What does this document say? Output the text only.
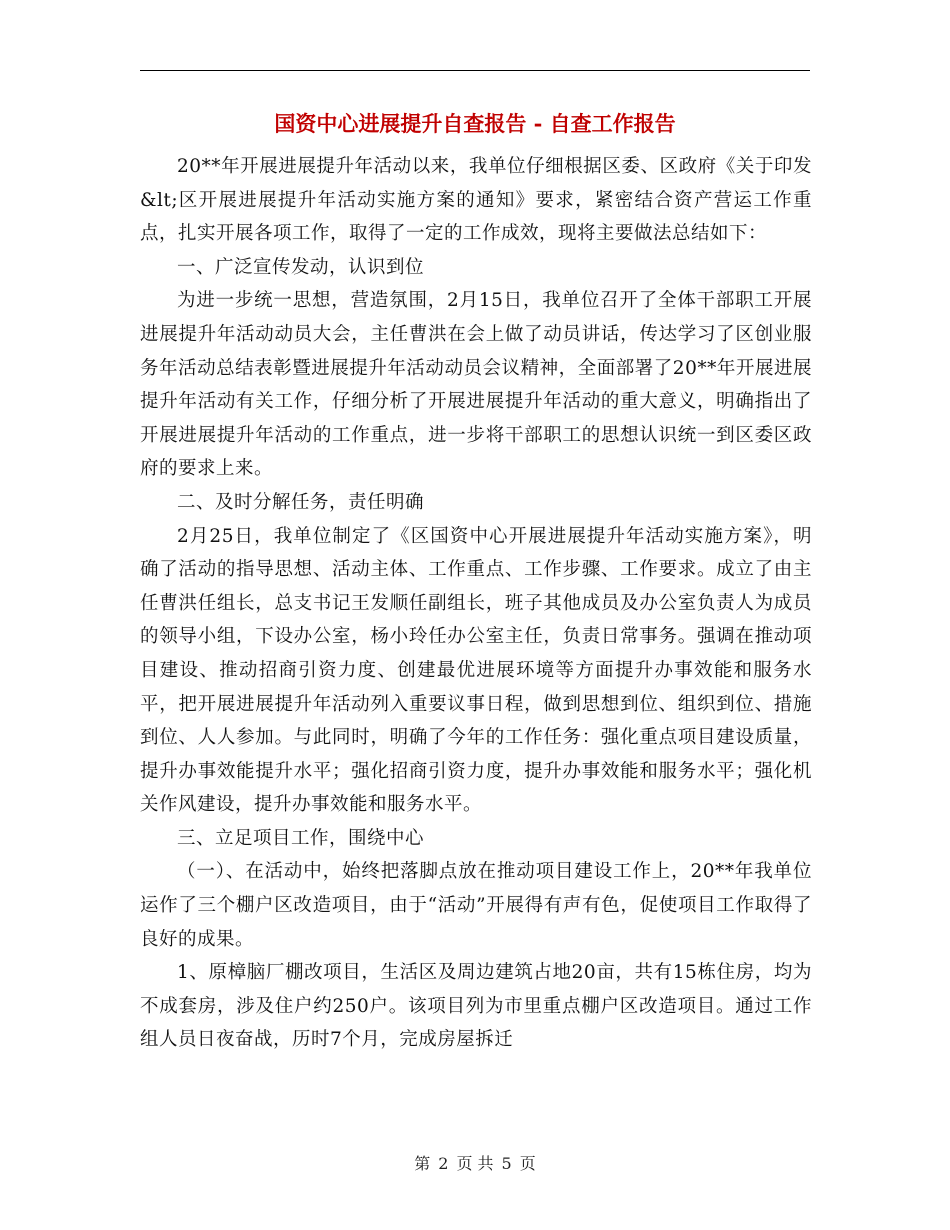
国资中心进展提升自查报告 - 自查工作报告

20**年开展进展提升年活动以来，我单位仔细根据区委、区政府《关于印发&lt;区开展进展提升年活动实施方案的通知》要求，紧密结合资产营运工作重点，扎实开展各项工作，取得了一定的工作成效，现将主要做法总结如下：

一、广泛宣传发动，认识到位

为进一步统一思想，营造氛围，2月15日，我单位召开了全体干部职工开展进展提升年活动动员大会，主任曹洪在会上做了动员讲话，传达学习了区创业服务年活动总结表彰暨进展提升年活动动员会议精神，全面部署了20**年开展进展提升年活动有关工作，仔细分析了开展进展提升年活动的重大意义，明确指出了开展进展提升年活动的工作重点，进一步将干部职工的思想认识统一到区委区政府的要求上来。

二、及时分解任务，责任明确

2月25日，我单位制定了《区国资中心开展进展提升年活动实施方案》，明确了活动的指导思想、活动主体、工作重点、工作步骤、工作要求。成立了由主任曹洪任组长，总支书记王发顺任副组长，班子其他成员及办公室负责人为成员的领导小组，下设办公室，杨小玲任办公室主任，负责日常事务。强调在推动项目建设、推动招商引资力度、创建最优进展环境等方面提升办事效能和服务水平，把开展进展提升年活动列入重要议事日程，做到思想到位、组织到位、措施到位、人人参加。与此同时，明确了今年的工作任务：强化重点项目建设质量，提升办事效能提升水平；强化招商引资力度，提升办事效能和服务水平；强化机关作风建设，提升办事效能和服务水平。

三、立足项目工作，围绕中心

（一）、在活动中，始终把落脚点放在推动项目建设工作上，20**年我单位运作了三个棚户区改造项目，由于“活动”开展得有声有色，促使项目工作取得了良好的成果。

1、原樟脑厂棚改项目，生活区及周边建筑占地20亩，共有15栋住房，均为不成套房，涉及住户约250户。该项目列为市里重点棚户区改造项目。通过工作组人员日夜奋战，历时7个月，完成房屋拆迁

第 2 页 共 5 页
